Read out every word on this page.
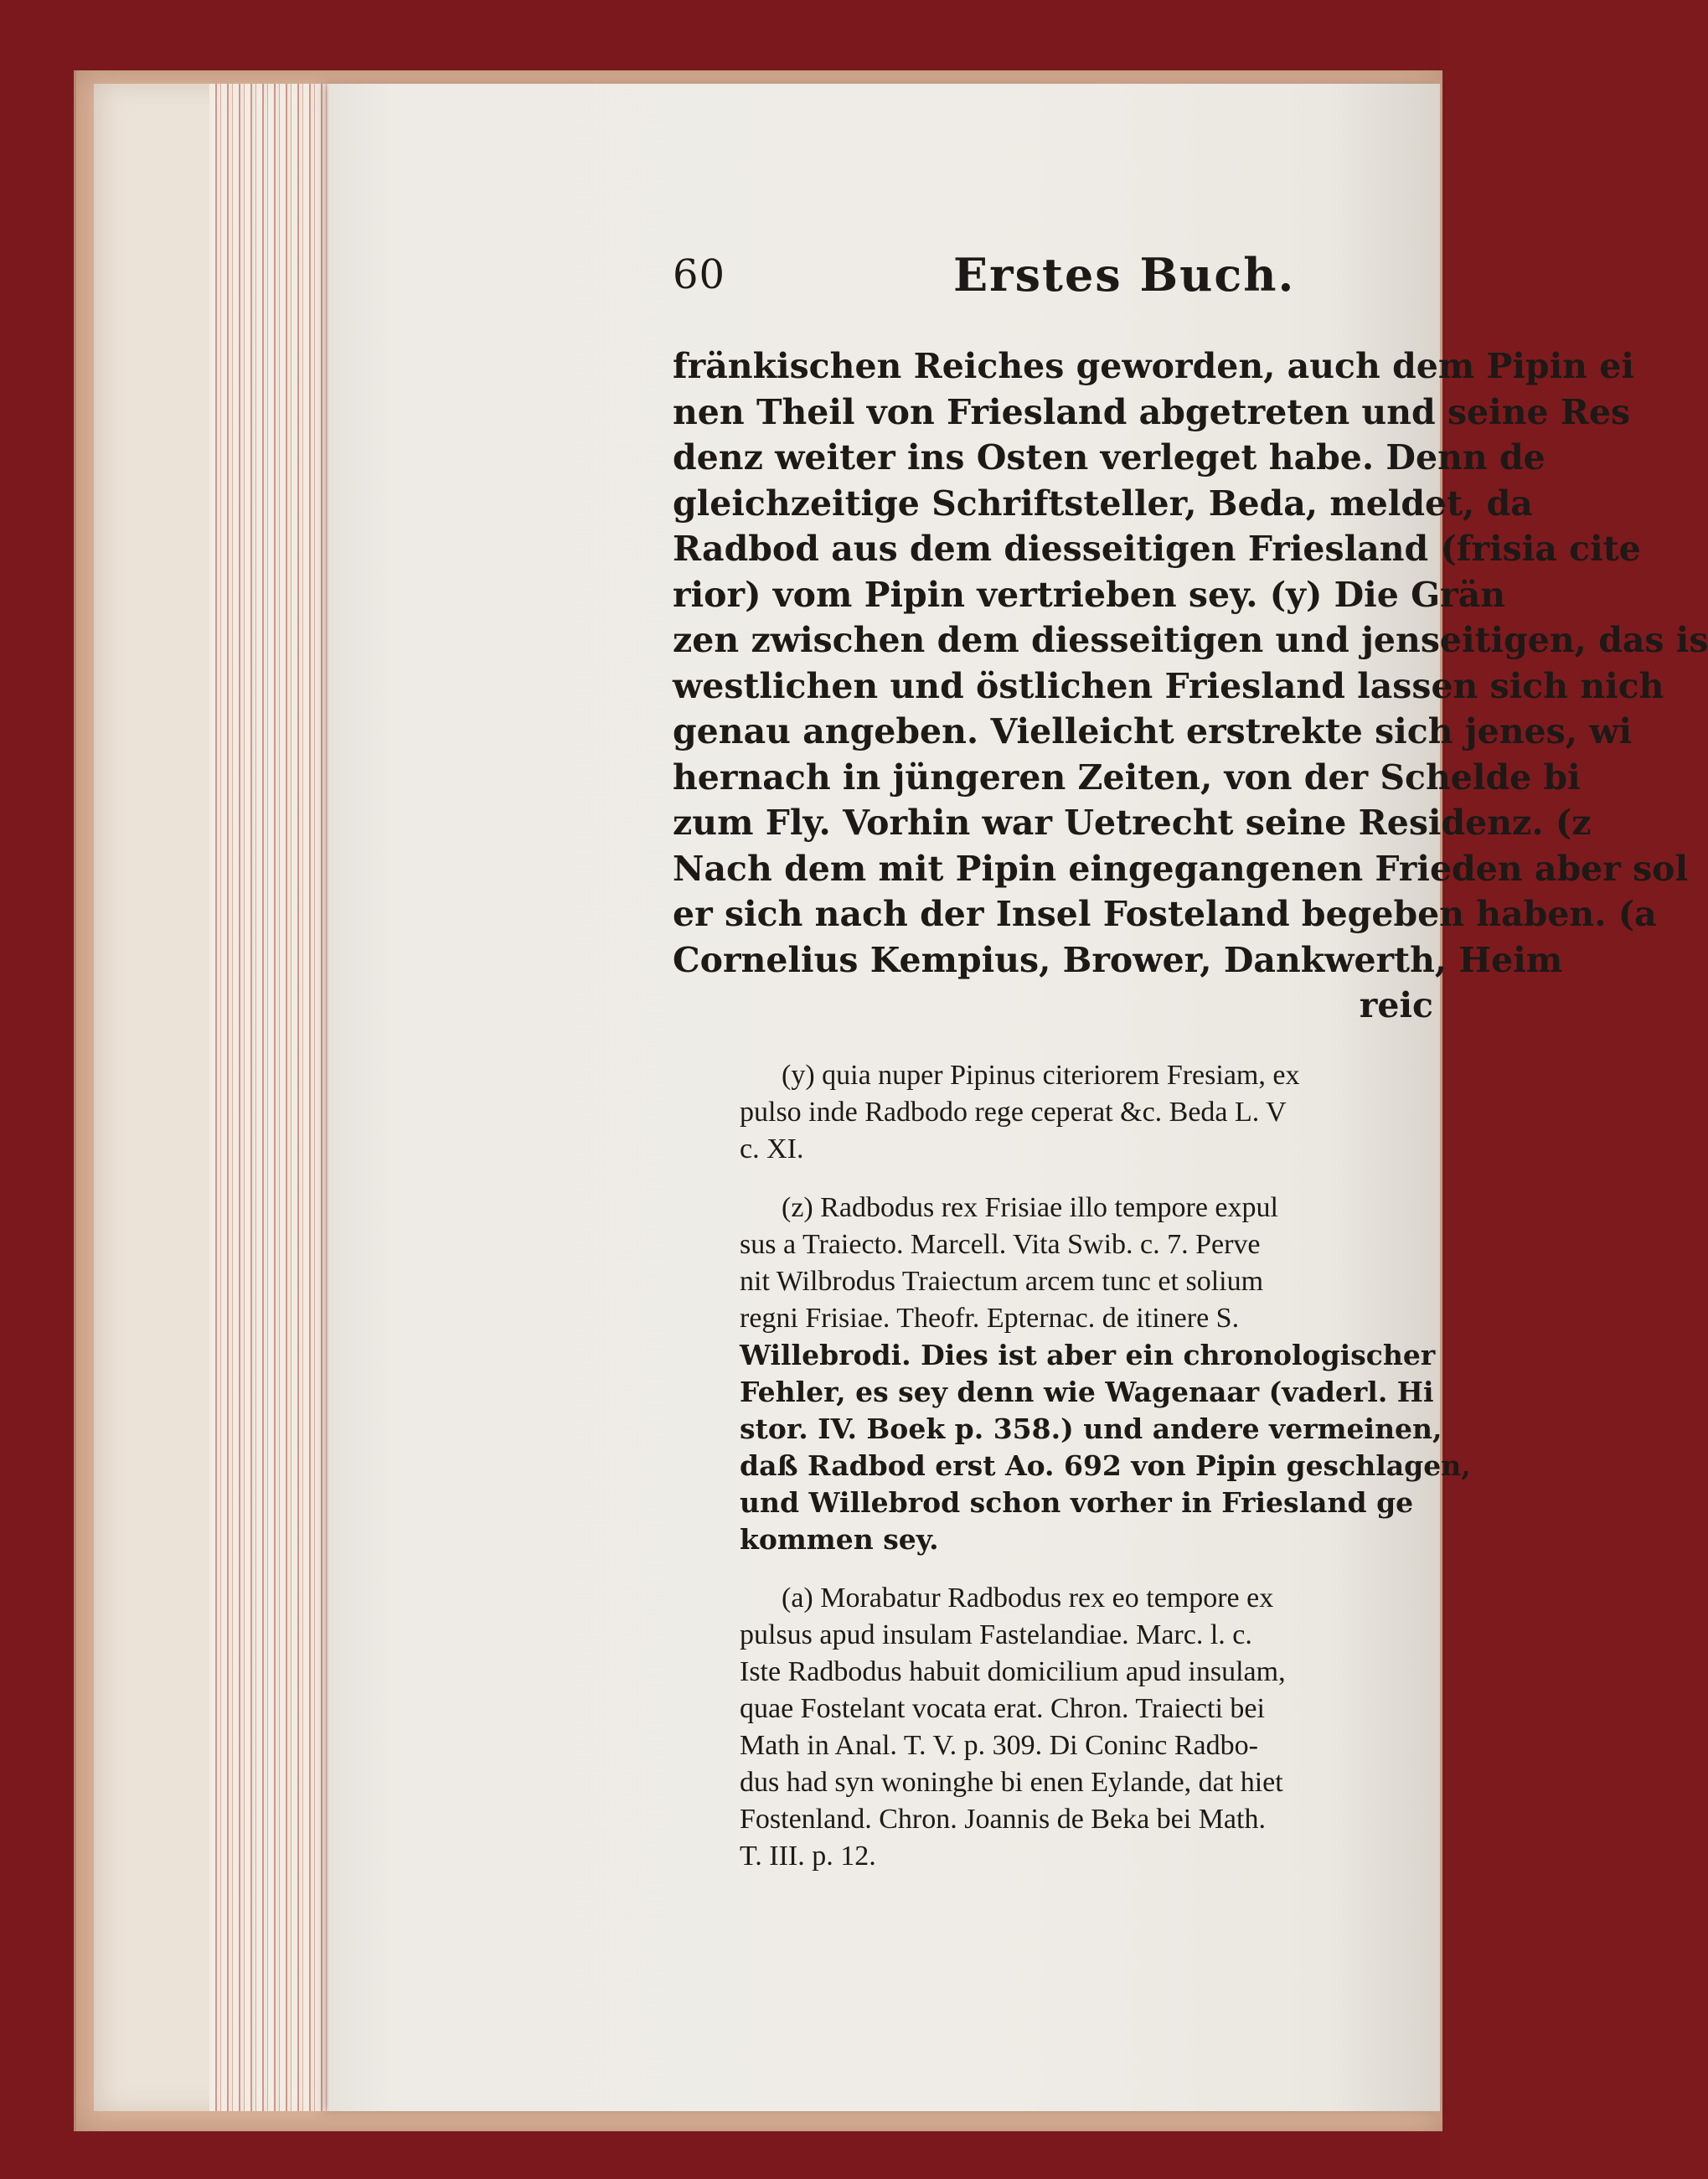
60	Erstes Buch.
fränkischen Reiches geworden, auch dem Pipin ei
nen Theil von Friesland abgetreten und seine Res
denz weiter ins Osten verleget habe. Denn de
gleichzeitige Schriftsteller, Beda, meldet, da
Radbod aus dem diesseitigen Friesland (frisia cite
rior) vom Pipin vertrieben sey. (y) Die Grän
zen zwischen dem diesseitigen und jenseitigen, das is
westlichen und östlichen Friesland lassen sich nich
genau angeben. Vielleicht erstrekte sich jenes, wi
hernach in jüngeren Zeiten, von der Schelde bi
zum Fly. Vorhin war Uetrecht seine Residenz. (z
Nach dem mit Pipin eingegangenen Frieden aber sol
er sich nach der Insel Fosteland begeben haben. (a
Cornelius Kempius, Brower, Dankwerth, Heim
reic
(y) quia nuper Pipinus citeriorem Fresiam, ex
pulso inde Radbodo rege ceperat &c. Beda L. V
c. XI.
(z) Radbodus rex Frisiae illo tempore expul
sus a Traiecto. Marcell. Vita Swib. c. 7. Perve
nit Wilbrodus Traiectum arcem tunc et solium
regni Frisiae. Theofr. Epternac. de itinere S.
Willebrodi. Dies ist aber ein chronologischer
Fehler, es sey denn wie Wagenaar (vaderl. Hi
stor. IV. Boek p. 358.) und andere vermeinen,
daß Radbod erst Ao. 692 von Pipin geschlagen,
und Willebrod schon vorher in Friesland ge
kommen sey.
(a) Morabatur Radbodus rex eo tempore ex
pulsus apud insulam Fastelandiae. Marc. l. c.
Iste Radbodus habuit domicilium apud insulam,
quae Fostelant vocata erat. Chron. Traiecti bei
Math in Anal. T. V. p. 309. Di Coninc Radbo-
dus had syn woninghe bi enen Eylande, dat hiet
Fostenland. Chron. Joannis de Beka bei Math.
T. III. p. 12.
